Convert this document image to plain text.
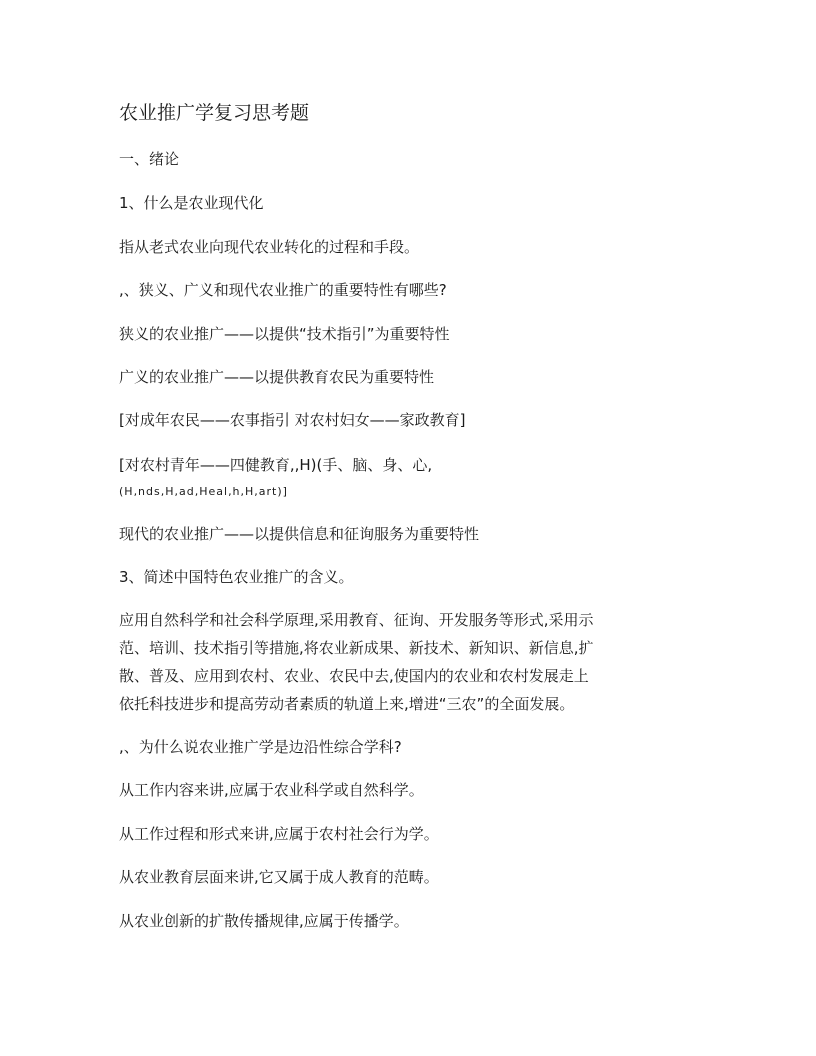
农业推广学复习思考题

一、绪论

1、什么是农业现代化

指从老式农业向现代农业转化的过程和手段。

,、狭义、广义和现代农业推广的重要特性有哪些?

狭义的农业推广——以提供“技术指引”为重要特性

广义的农业推广——以提供教育农民为重要特性

[对成年农民——农事指引 对农村妇女——家政教育]

[对农村青年——四健教育,,H)(手、脑、身、心,

(H,nds,H,ad,Heal,h,H,art)]

现代的农业推广——以提供信息和征询服务为重要特性

3、简述中国特色农业推广的含义。

应用自然科学和社会科学原理,采用教育、征询、开发服务等形式,采用示
范、培训、技术指引等措施,将农业新成果、新技术、新知识、新信息,扩
散、普及、应用到农村、农业、农民中去,使国内的农业和农村发展走上
依托科技进步和提高劳动者素质的轨道上来,增进“三农”的全面发展。

,、为什么说农业推广学是边沿性综合学科?

从工作内容来讲,应属于农业科学或自然科学。

从工作过程和形式来讲,应属于农村社会行为学。

从农业教育层面来讲,它又属于成人教育的范畴。

从农业创新的扩散传播规律,应属于传播学。
